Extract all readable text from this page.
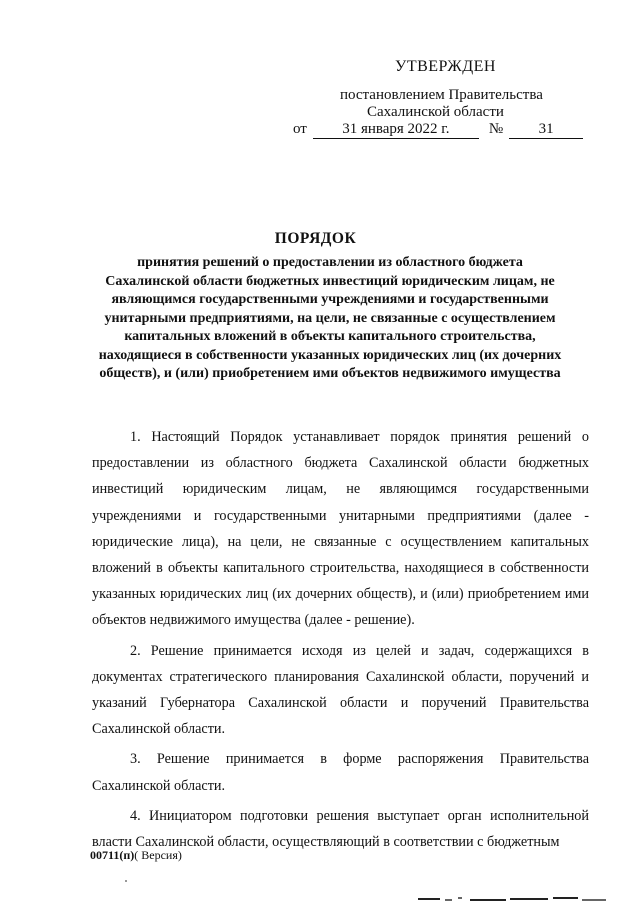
УТВЕРЖДЕН
постановлением Правительства
Сахалинской области
от 31 января 2022 г.	№ 31
ПОРЯДОК
принятия решений о предоставлении из областного бюджета
Сахалинской области бюджетных инвестиций юридическим лицам, не
являющимся государственными учреждениями и государственными
унитарными предприятиями, на цели, не связанные с осуществлением
капитальных вложений в объекты капитального строительства,
находящиеся в собственности указанных юридических лиц (их дочерних
обществ), и (или) приобретением ими объектов недвижимого имущества

1. Настоящий Порядок устанавливает порядок принятия решений о предоставлении из областного бюджета Сахалинской области бюджетных инвестиций юридическим лицам, не являющимся государственными учреждениями и государственными унитарными предприятиями (далее - юридические лица), на цели, не связанные с осуществлением капитальных вложений в объекты капитального строительства, находящиеся в собственности указанных юридических лиц (их дочерних обществ), и (или) приобретением ими объектов недвижимого имущества (далее - решение).

2. Решение принимается исходя из целей и задач, содержащихся в документах стратегического планирования Сахалинской области, поручений и указаний Губернатора Сахалинской области и поручений Правительства Сахалинской области.

3. Решение принимается в форме распоряжения Правительства Сахалинской области.

4. Инициатором подготовки решения выступает орган исполнительной власти Сахалинской области, осуществляющий в соответствии с бюджетным

00711(п)( Версия)
